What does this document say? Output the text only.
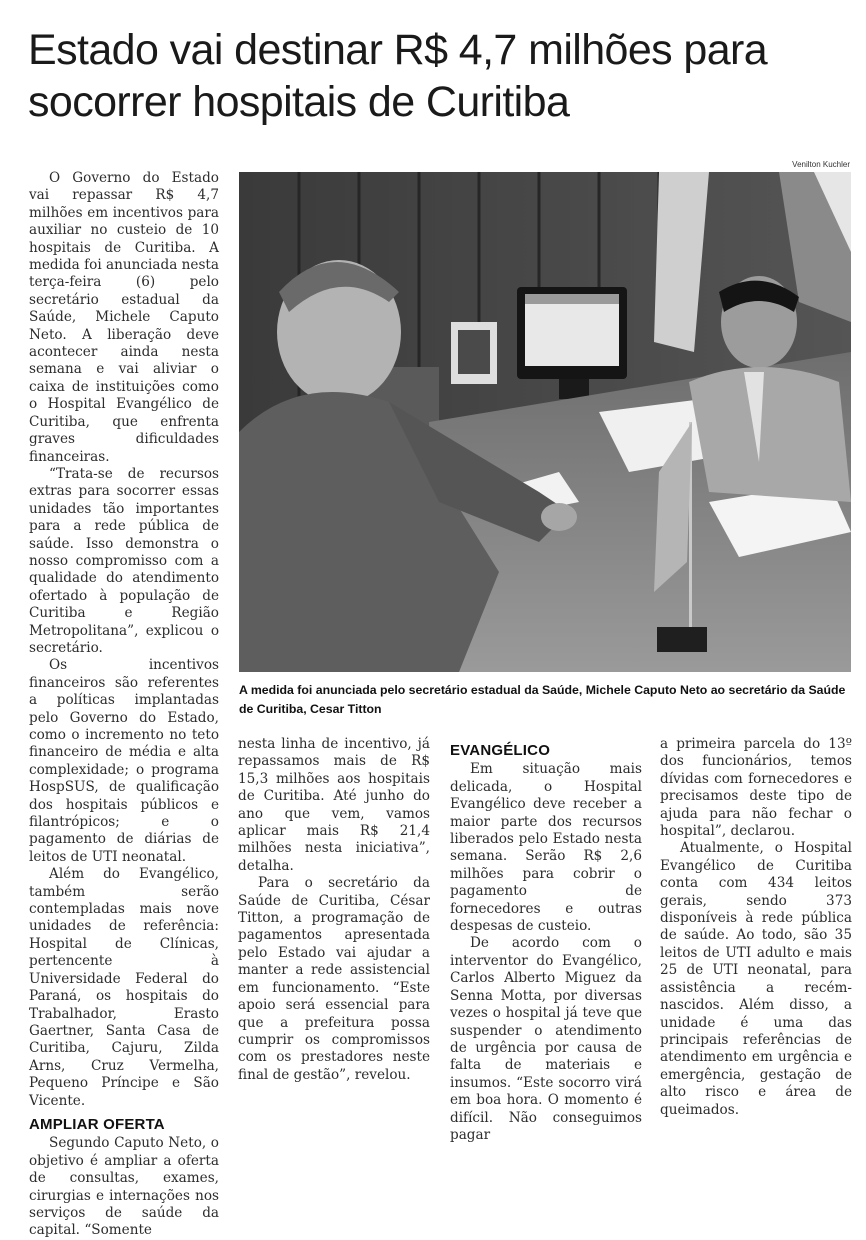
Estado vai destinar R$ 4,7 milhões para socorrer hospitais de Curitiba
Venilton Kuchler
A medida foi anunciada pelo secretário estadual da Saúde, Michele Caputo Neto ao secretário da Saúde de Curitiba, Cesar Titton

O Governo do Estado vai repassar R$ 4,7 milhões em incentivos para auxiliar no custeio de 10 hospitais de Curitiba. A medida foi anunciada nesta terça-feira (6) pelo secretário estadual da Saúde, Michele Caputo Neto. A liberação deve acontecer ainda nesta semana e vai aliviar o caixa de instituições como o Hospital Evangélico de Curitiba, que enfrenta graves dificuldades financeiras.

“Trata-se de recursos extras para socorrer essas unidades tão importantes para a rede pública de saúde. Isso demonstra o nosso compromisso com a qualidade do atendimento ofertado à população de Curitiba e Região Metropolitana”, explicou o secretário.

Os incentivos financeiros são referentes a políticas implantadas pelo Governo do Estado, como o incremento no teto financeiro de média e alta complexidade; o programa HospSUS, de qualificação dos hospitais públicos e filantrópicos; e o pagamento de diárias de leitos de UTI neonatal.

Além do Evangélico, também serão contempladas mais nove unidades de referência: Hospital de Clínicas, pertencente à Universidade Federal do Paraná, os hospitais do Trabalhador, Erasto Gaertner, Santa Casa de Curitiba, Cajuru, Zilda Arns, Cruz Vermelha, Pequeno Príncipe e São Vicente.

AMPLIAR OFERTA

Segundo Caputo Neto, o objetivo é ampliar a oferta de consultas, exames, cirurgias e internações nos serviços de saúde da capital. “Somente

nesta linha de incentivo, já repassamos mais de R$ 15,3 milhões aos hospitais de Curitiba. Até junho do ano que vem, vamos aplicar mais R$ 21,4 milhões nesta iniciativa”, detalha.

Para o secretário da Saúde de Curitiba, César Titton, a programação de pagamentos apresentada pelo Estado vai ajudar a manter a rede assistencial em funcionamento. “Este apoio será essencial para que a prefeitura possa cumprir os compromissos com os prestadores neste final de gestão”, revelou.

EVANGÉLICO

Em situação mais delicada, o Hospital Evangélico deve receber a maior parte dos recursos liberados pelo Estado nesta semana. Serão R$ 2,6 milhões para cobrir o pagamento de fornecedores e outras despesas de custeio.

De acordo com o interventor do Evangélico, Carlos Alberto Miguez da Senna Motta, por diversas vezes o hospital já teve que suspender o atendimento de urgência por causa de falta de materiais e insumos. “Este socorro virá em boa hora. O momento é difícil. Não conseguimos pagar

a primeira parcela do 13º dos funcionários, temos dívidas com fornecedores e precisamos deste tipo de ajuda para não fechar o hospital”, declarou.

Atualmente, o Hospital Evangélico de Curitiba conta com 434 leitos gerais, sendo 373 disponíveis à rede pública de saúde. Ao todo, são 35 leitos de UTI adulto e mais 25 de UTI neonatal, para assistência a recém-nascidos. Além disso, a unidade é uma das principais referências de atendimento em urgência e emergência, gestação de alto risco e área de queimados.
